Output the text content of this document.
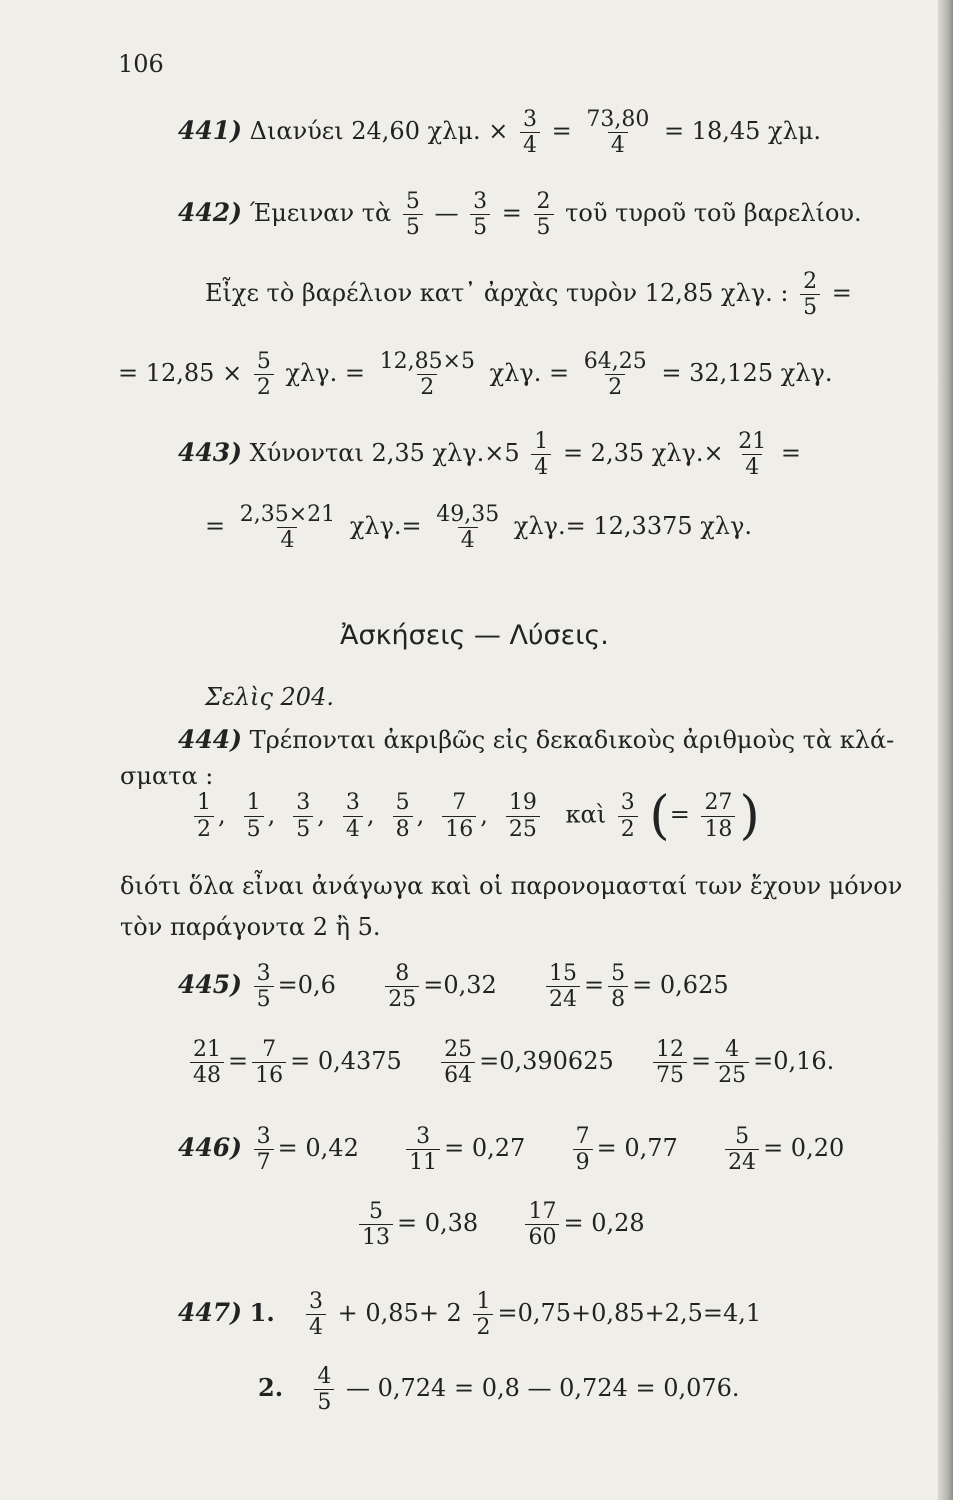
106
441) Διανύει 24,60 χλμ. × $\frac{3}{4} = \frac{73,80}{4} = 18,45$ χλμ.
442) Έμειναν τὰ $\frac{5}{5}$ — $\frac{3}{5} = \frac{2}{5}$ τοῦ τυροῦ τοῦ βαρελίου.
Εἶχε τὸ βαρέλιον κατ᾽ ἀρχὰς τυρὸν 12,85 χλγ. : $\frac{2}{5}$ =
= $12,85 \times \frac{5}{2} \chi\lambda\gamma$. = $\frac{12,85\times 5}{2} \chi\lambda\gamma$. = $\frac{64,25}{2} = 32,125$ χλγ.
443) Χύνονται 2,35 $\chi\lambda\gamma.\times 5 \frac{1}{4} = 2,35$ $\chi\lambda\gamma.\times \frac{21}{4}$ =
= $\frac{2,35\times 21}{4} \chi\lambda\gamma.= \frac{49,35}{4} \chi\lambda\gamma.= 12,3375$ χλγ.
Ἀσκήσεις — Λύσεις.
Σελὶς 204.
444) Τρέπονται ἀκριβῶς εἰς δεκαδικοὺς ἀριθμοὺς τὰ κλά-
σματα :
$\frac{1}{2}$ , $\frac{1}{5}$ , $\frac{3}{5}$ , $\frac{3}{4}$ , $\frac{5}{8}$ , $\frac{7}{16}$ , $\frac{19}{25}$ καὶ $\frac{3}{2}$ (= $\frac{27}{18}$ )
διότι ὅλα εἶναι ἀνάγωγα καὶ οἱ παρονομασταί των ἔχουν μόνον
τὸν παράγοντα 2 ἢ 5.
$445) \frac{3}{5} =0,6 \frac{8}{25} =0,32 \frac{15}{24} = \frac{5}{8} = 0,625$
$\frac{21}{48} = \frac{7}{16} = 0,4375 \frac{25}{64} =0,390625 \frac{12}{75} = \frac{4}{25} =0,16$.
$446) \frac{3}{7} = 0,42 \frac{3}{11} = 0,27 \frac{7}{9} = 0,77 \frac{5}{24} = 0,20$
$\frac{5}{13} = 0,38 \frac{17}{60} = 0,28$
447) 1. $\frac{3}{4} + 0,85+ 2 \frac{1}{2} =0,75+0,85+2,5=4,1$
2. $\frac{4}{5}$ — 0,724 = 0,8 — 0,724 = 0,076.
